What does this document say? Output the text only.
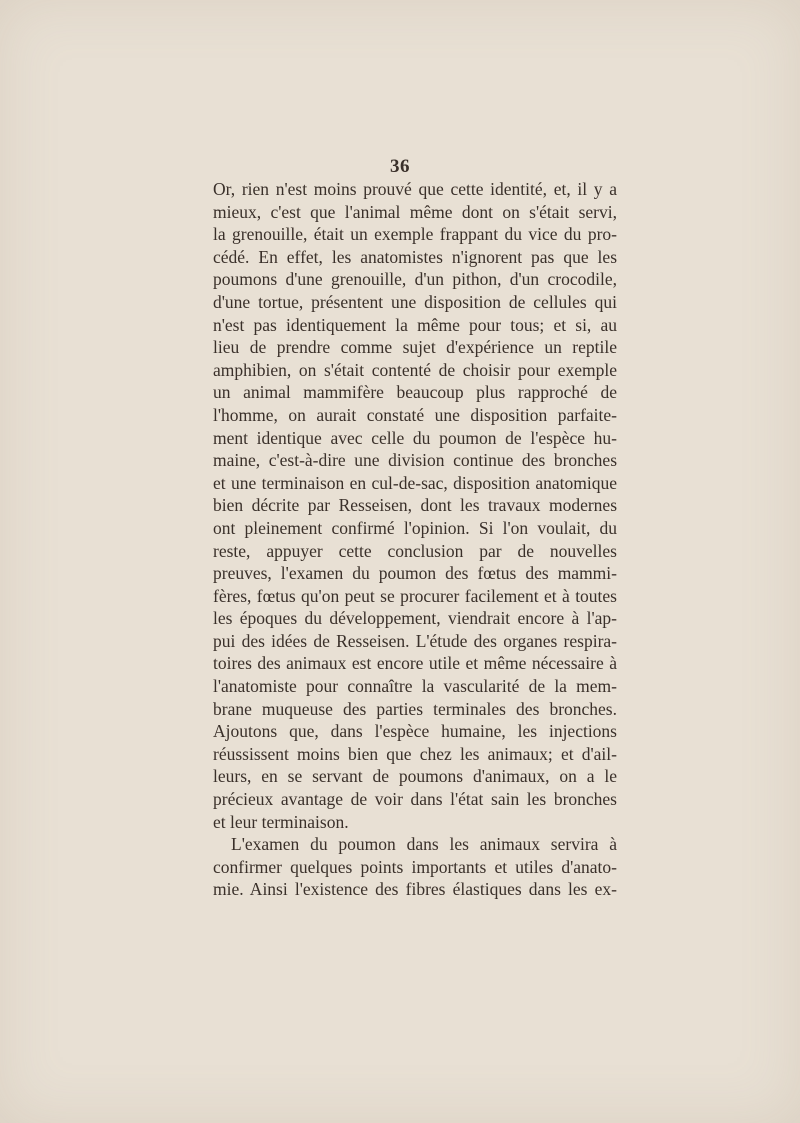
36
Or, rien n'est moins prouvé que cette identité, et, il y a
mieux, c'est que l'animal même dont on s'était servi,
la grenouille, était un exemple frappant du vice du pro-
cédé. En effet, les anatomistes n'ignorent pas que les
poumons d'une grenouille, d'un pithon, d'un crocodile,
d'une tortue, présentent une disposition de cellules qui
n'est pas identiquement la même pour tous; et si, au
lieu de prendre comme sujet d'expérience un reptile
amphibien, on s'était contenté de choisir pour exemple
un animal mammifère beaucoup plus rapproché de
l'homme, on aurait constaté une disposition parfaite-
ment identique avec celle du poumon de l'espèce hu-
maine, c'est-à-dire une division continue des bronches
et une terminaison en cul-de-sac, disposition anatomique
bien décrite par Resseisen, dont les travaux modernes
ont pleinement confirmé l'opinion. Si l'on voulait, du
reste, appuyer cette conclusion par de nouvelles
preuves, l'examen du poumon des fœtus des mammi-
fères, fœtus qu'on peut se procurer facilement et à toutes
les époques du développement, viendrait encore à l'ap-
pui des idées de Resseisen. L'étude des organes respira-
toires des animaux est encore utile et même nécessaire à
l'anatomiste pour connaître la vascularité de la mem-
brane muqueuse des parties terminales des bronches.
Ajoutons que, dans l'espèce humaine, les injections
réussissent moins bien que chez les animaux; et d'ail-
leurs, en se servant de poumons d'animaux, on a le
précieux avantage de voir dans l'état sain les bronches
et leur terminaison.
L'examen du poumon dans les animaux servira à
confirmer quelques points importants et utiles d'anato-
mie. Ainsi l'existence des fibres élastiques dans les ex-
